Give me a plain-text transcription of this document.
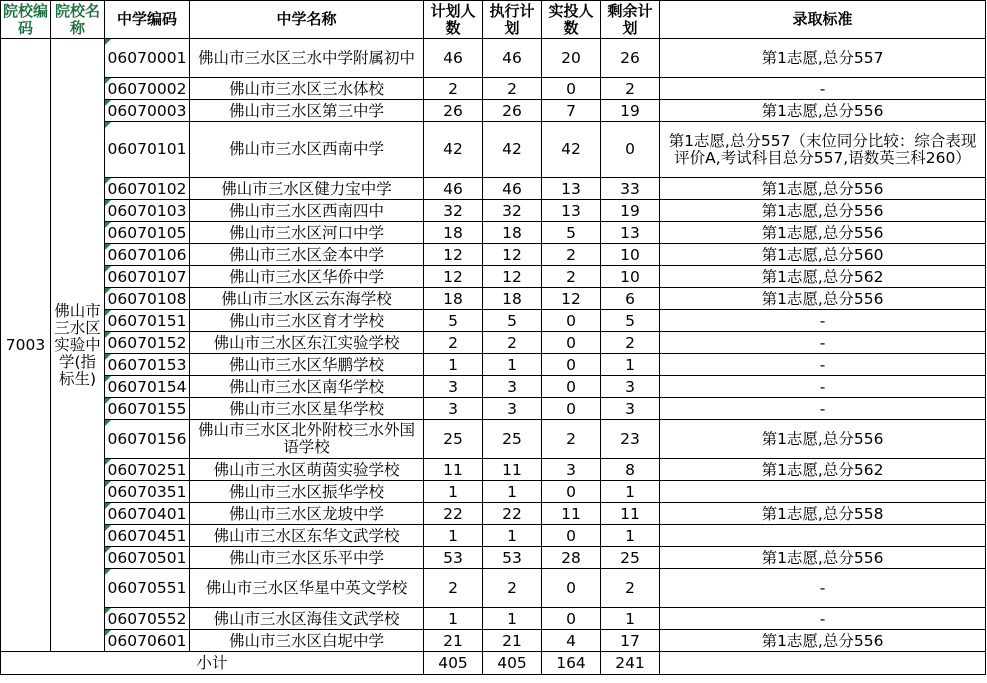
院校编码	院校名称	中学编码	中学名称	计划人数	执行计划	实投人数	剩余计划	录取标准
7003	佛山市三水区实验中学(指标生)	06070001	佛山市三水区三水中学附属初中	46	46	20	26	第1志愿,总分557
		06070002	佛山市三水区三水体校	2	2	0	2	-
		06070003	佛山市三水区第三中学	26	26	7	19	第1志愿,总分556
		06070101	佛山市三水区西南中学	42	42	42	0	第1志愿,总分557（末位同分比较：综合表现评价A,考试科目总分557,语数英三科260）
		06070102	佛山市三水区健力宝中学	46	46	13	33	第1志愿,总分556
		06070103	佛山市三水区西南四中	32	32	13	19	第1志愿,总分556
		06070105	佛山市三水区河口中学	18	18	5	13	第1志愿,总分556
		06070106	佛山市三水区金本中学	12	12	2	10	第1志愿,总分560
		06070107	佛山市三水区华侨中学	12	12	2	10	第1志愿,总分562
		06070108	佛山市三水区云东海学校	18	18	12	6	第1志愿,总分556
		06070151	佛山市三水区育才学校	5	5	0	5	-
		06070152	佛山市三水区东江实验学校	2	2	0	2	-
		06070153	佛山市三水区华鹏学校	1	1	0	1	-
		06070154	佛山市三水区南华学校	3	3	0	3	-
		06070155	佛山市三水区星华学校	3	3	0	3	-
		06070156	佛山市三水区北外附校三水外国语学校	25	25	2	23	第1志愿,总分556
		06070251	佛山市三水区萌茵实验学校	11	11	3	8	第1志愿,总分562
		06070351	佛山市三水区振华学校	1	1	0	1	
		06070401	佛山市三水区龙坡中学	22	22	11	11	第1志愿,总分558
		06070451	佛山市三水区东华文武学校	1	1	0	1	
		06070501	佛山市三水区乐平中学	53	53	28	25	第1志愿,总分556
		06070551	佛山市三水区华星中英文学校	2	2	0	2	-
		06070552	佛山市三水区海佳文武学校	1	1	0	1	-
		06070601	佛山市三水区白坭中学	21	21	4	17	第1志愿,总分556
小计				405	405	164	241	
